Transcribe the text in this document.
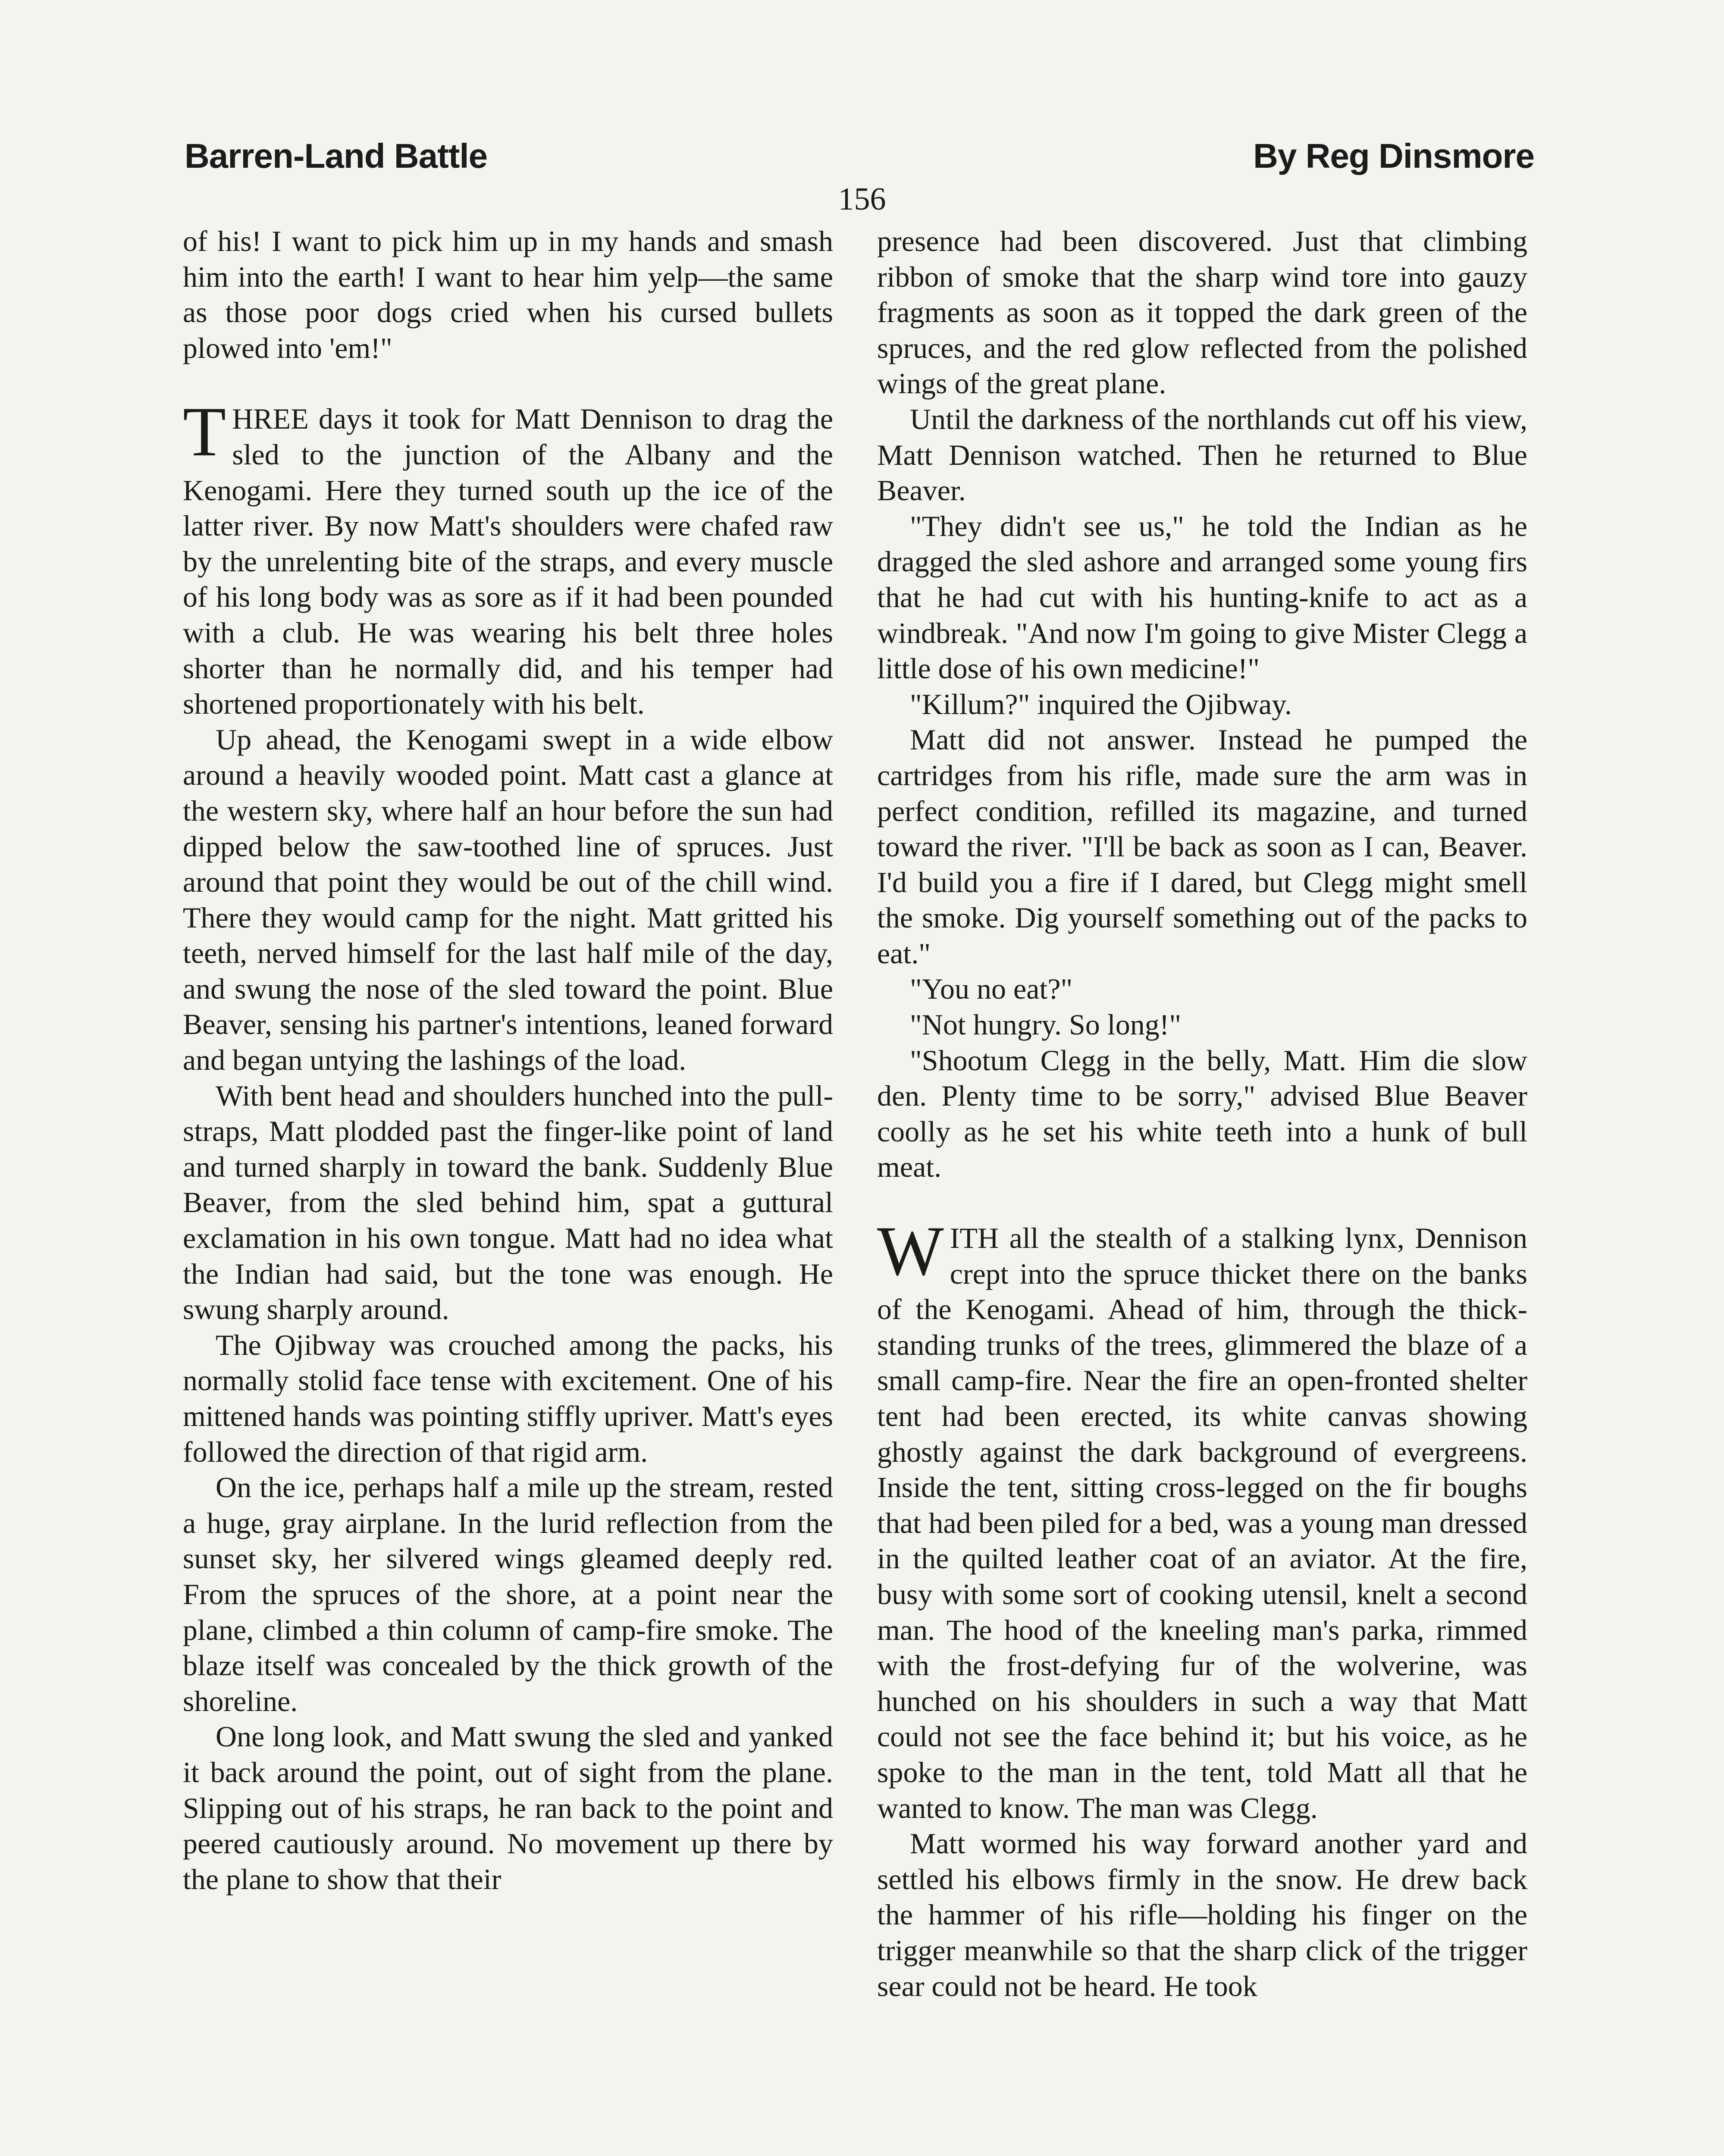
Barren-Land Battle	By Reg Dinsmore
156

of his! I want to pick him up in my hands and smash him into the earth! I want to hear him yelp—the same as those poor dogs cried when his cursed bullets plowed into 'em!"

THREE days it took for Matt Dennison to drag the sled to the junction of the Albany and the Kenogami. Here they turned south up the ice of the latter river. By now Matt's shoulders were chafed raw by the unrelenting bite of the straps, and every muscle of his long body was as sore as if it had been pounded with a club. He was wearing his belt three holes shorter than he normally did, and his temper had shortened proportionately with his belt.

Up ahead, the Kenogami swept in a wide elbow around a heavily wooded point. Matt cast a glance at the western sky, where half an hour before the sun had dipped below the saw-toothed line of spruces. Just around that point they would be out of the chill wind. There they would camp for the night. Matt gritted his teeth, nerved himself for the last half mile of the day, and swung the nose of the sled toward the point. Blue Beaver, sensing his partner's intentions, leaned forward and began untying the lashings of the load.

With bent head and shoulders hunched into the pull-straps, Matt plodded past the finger-like point of land and turned sharply in toward the bank. Suddenly Blue Beaver, from the sled behind him, spat a guttural exclamation in his own tongue. Matt had no idea what the Indian had said, but the tone was enough. He swung sharply around.

The Ojibway was crouched among the packs, his normally stolid face tense with excitement. One of his mittened hands was pointing stiffly upriver. Matt's eyes followed the direction of that rigid arm.

On the ice, perhaps half a mile up the stream, rested a huge, gray airplane. In the lurid reflection from the sunset sky, her silvered wings gleamed deeply red. From the spruces of the shore, at a point near the plane, climbed a thin column of camp-fire smoke. The blaze itself was concealed by the thick growth of the shoreline.

One long look, and Matt swung the sled and yanked it back around the point, out of sight from the plane. Slipping out of his straps, he ran back to the point and peered cautiously around. No movement up there by the plane to show that their

presence had been discovered. Just that climbing ribbon of smoke that the sharp wind tore into gauzy fragments as soon as it topped the dark green of the spruces, and the red glow reflected from the polished wings of the great plane.

Until the darkness of the northlands cut off his view, Matt Dennison watched. Then he returned to Blue Beaver.

"They didn't see us," he told the Indian as he dragged the sled ashore and arranged some young firs that he had cut with his hunting-knife to act as a windbreak. "And now I'm going to give Mister Clegg a little dose of his own medicine!"

"Killum?" inquired the Ojibway.

Matt did not answer. Instead he pumped the cartridges from his rifle, made sure the arm was in perfect condition, refilled its magazine, and turned toward the river. "I'll be back as soon as I can, Beaver. I'd build you a fire if I dared, but Clegg might smell the smoke. Dig yourself something out of the packs to eat."

"You no eat?"

"Not hungry. So long!"

"Shootum Clegg in the belly, Matt. Him die slow den. Plenty time to be sorry," advised Blue Beaver coolly as he set his white teeth into a hunk of bull meat.

WITH all the stealth of a stalking lynx, Dennison crept into the spruce thicket there on the banks of the Kenogami. Ahead of him, through the thick-standing trunks of the trees, glimmered the blaze of a small camp-fire. Near the fire an open-fronted shelter tent had been erected, its white canvas showing ghostly against the dark background of evergreens. Inside the tent, sitting cross-legged on the fir boughs that had been piled for a bed, was a young man dressed in the quilted leather coat of an aviator. At the fire, busy with some sort of cooking utensil, knelt a second man. The hood of the kneeling man's parka, rimmed with the frost-defying fur of the wolverine, was hunched on his shoulders in such a way that Matt could not see the face behind it; but his voice, as he spoke to the man in the tent, told Matt all that he wanted to know. The man was Clegg.

Matt wormed his way forward another yard and settled his elbows firmly in the snow. He drew back the hammer of his rifle—holding his finger on the trigger meanwhile so that the sharp click of the trigger sear could not be heard. He took
